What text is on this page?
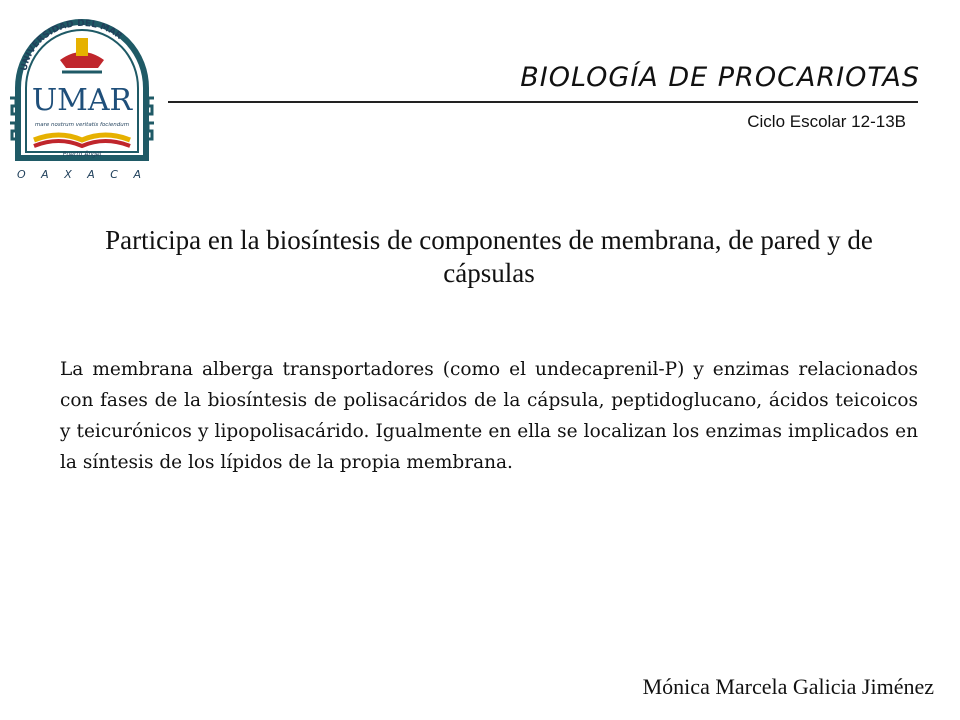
UNIVERSIDAD DEL MAR
UMAR
mare nostrum veritatis fociendum
Puerto Ángel
O A X A C A
BIOLOGÍA DE PROCARIOTAS
Ciclo Escolar 12-13B
Participa en la biosíntesis de componentes de membrana, de pared y de cápsulas
La membrana alberga transportadores (como el undecaprenil-P) y enzimas relacionados con fases de la biosíntesis de polisacáridos de la cápsula, peptidoglucano, ácidos teicoicos y teicurónicos y lipopolisacárido. Igualmente en ella se localizan los enzimas implicados en la síntesis de los lípidos de la propia membrana.
Mónica Marcela Galicia Jiménez
